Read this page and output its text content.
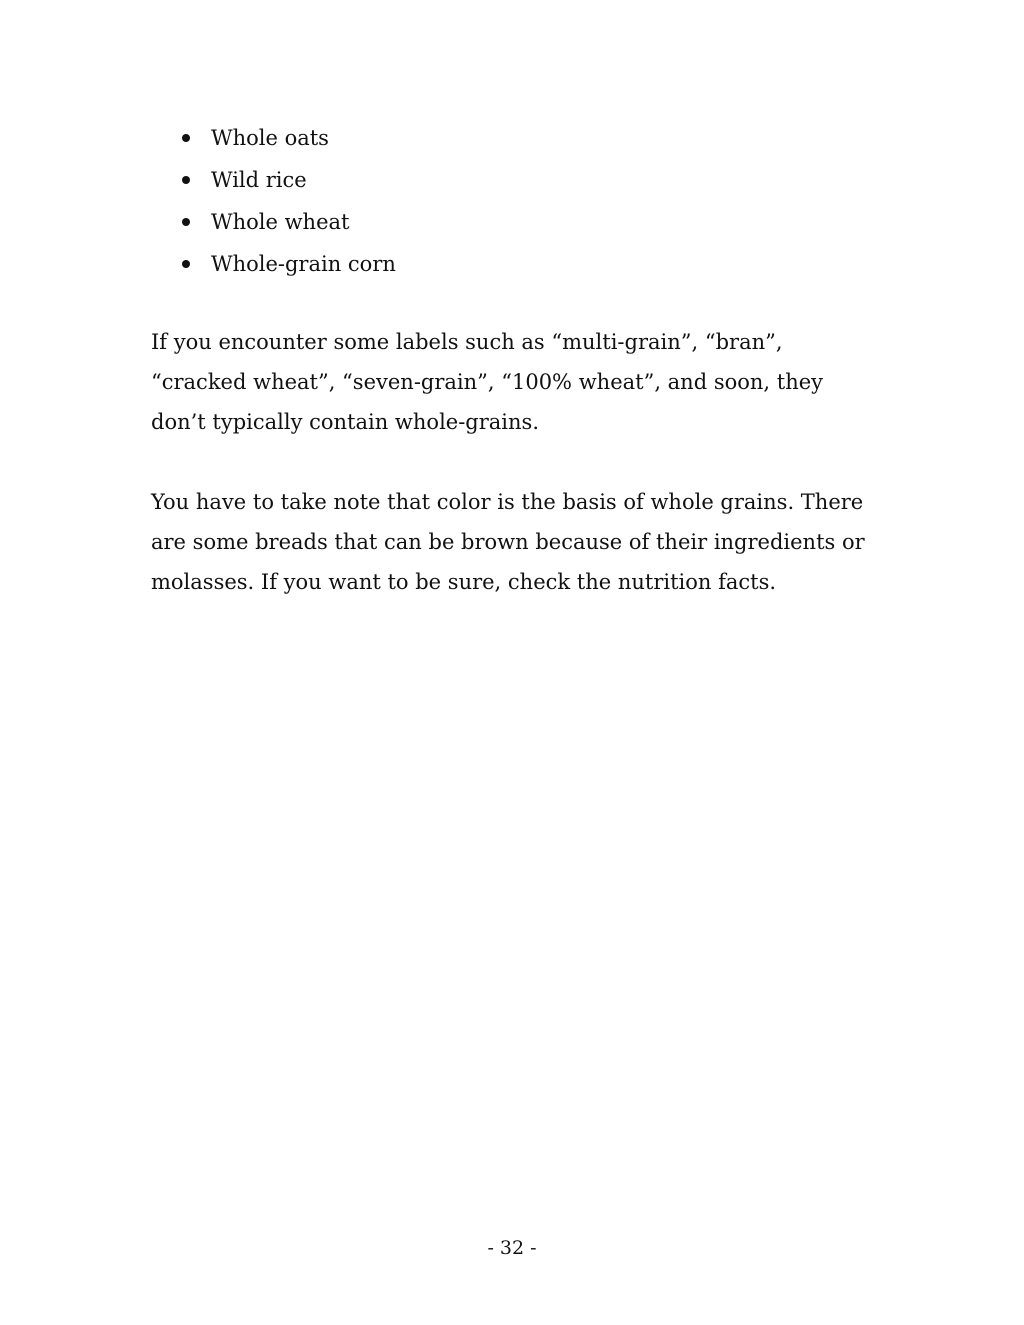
Whole oats
Wild rice
Whole wheat
Whole-grain corn

If you encounter some labels such as “multi-grain”, “bran”, “cracked wheat”, “seven-grain”, “100% wheat”, and soon, they don’t typically contain whole-grains.

You have to take note that color is the basis of whole grains. There are some breads that can be brown because of their ingredients or molasses. If you want to be sure, check the nutrition facts.

- 32 -
